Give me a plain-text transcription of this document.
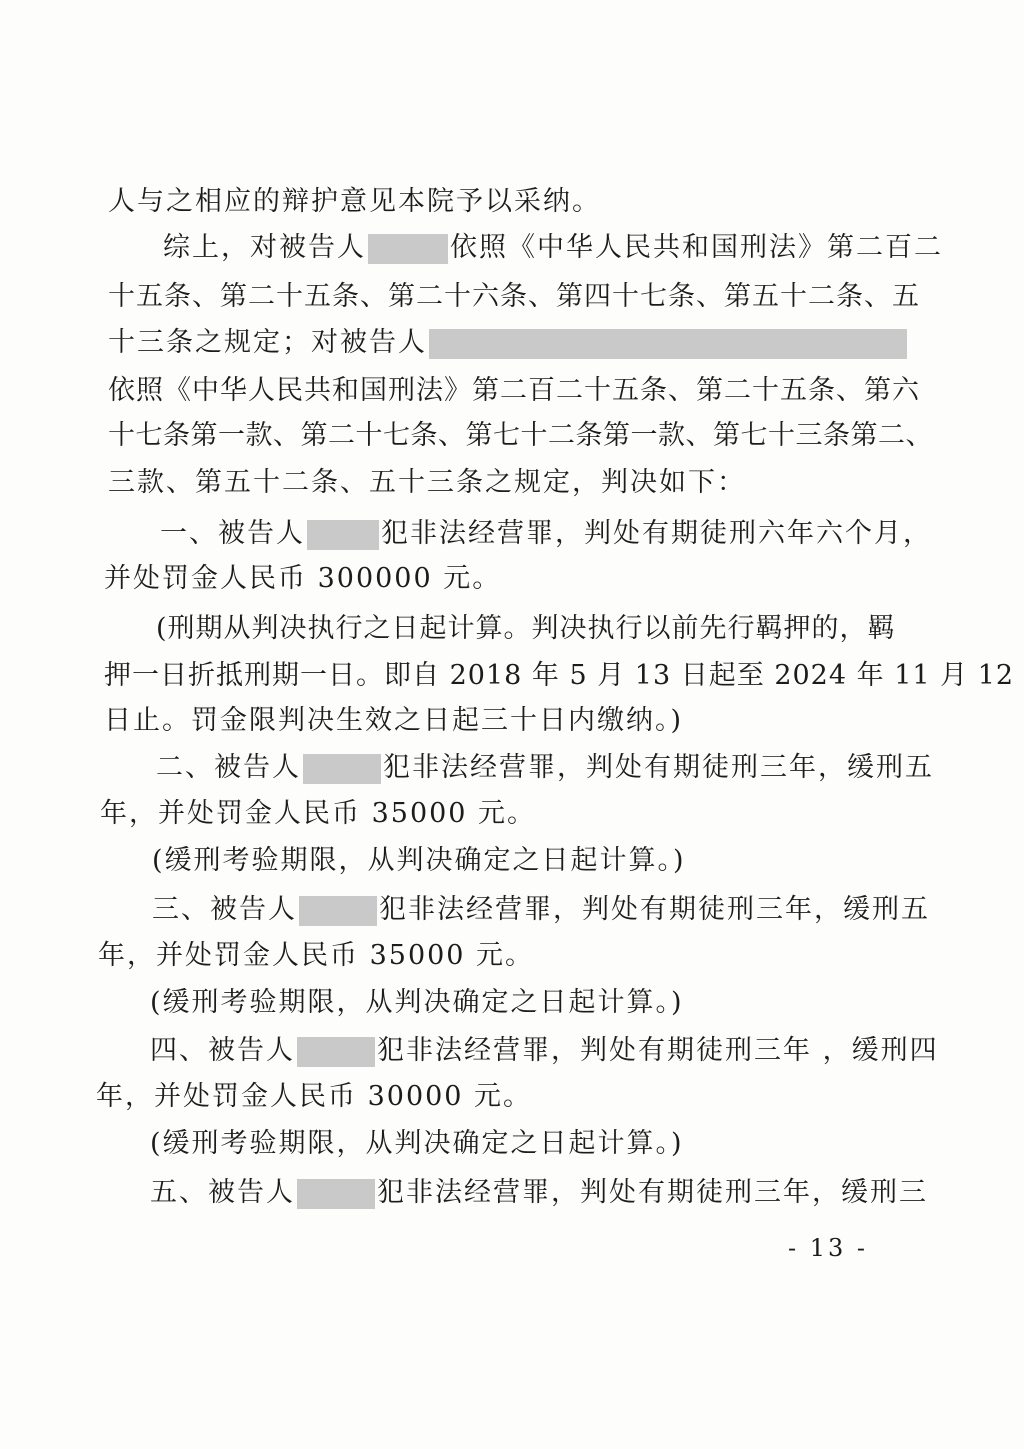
人与之相应的辩护意见本院予以采纳。
综上，对被告人	依照《中华人民共和国刑法》第二百二
十五条、第二十五条、第二十六条、第四十七条、第五十二条、五
十三条之规定；对被告人
依照《中华人民共和国刑法》第二百二十五条、第二十五条、第六
十七条第一款、第二十七条、第七十二条第一款、第七十三条第二、
三款、第五十二条、五十三条之规定，判决如下：
一、被告人	犯非法经营罪，判处有期徒刑六年六个月，
并处罚金人民币 300000 元。
(刑期从判决执行之日起计算。判决执行以前先行羁押的，羁
押一日折抵刑期一日。即自 2018 年 5 月 13 日起至 2024 年 11 月 12
日止。罚金限判决生效之日起三十日内缴纳。)
二、被告人	犯非法经营罪，判处有期徒刑三年，缓刑五
年，并处罚金人民币 35000 元。
(缓刑考验期限，从判决确定之日起计算。)
三、被告人	犯非法经营罪，判处有期徒刑三年，缓刑五
年，并处罚金人民币 35000 元。
(缓刑考验期限，从判决确定之日起计算。)
四、被告人	犯非法经营罪，判处有期徒刑三年 ，缓刑四
年，并处罚金人民币 30000 元。
(缓刑考验期限，从判决确定之日起计算。)
五、被告人	犯非法经营罪，判处有期徒刑三年，缓刑三
- 13 -
